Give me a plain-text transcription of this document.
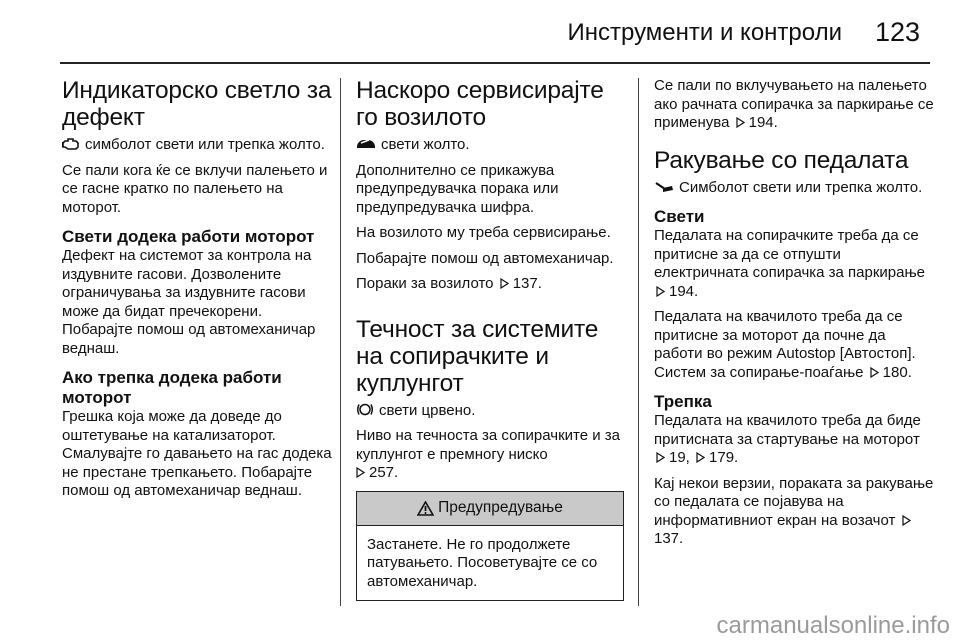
Инструменти и контроли 123
Индикаторско светло за дефект

симболот свети или трепка жолто.

Се пали кога ќе се вклучи палењето и се гасне кратко по палењето на моторот.

Свети додека работи моторот

Дефект на системот за контрола на издувните гасови. Дозволените ограничувања за издувните гасови може да бидат пречекорени. Побарајте помош од автомеханичар веднаш.

Ако трепка додека работи моторот

Грешка која може да доведе до оштетување на катализаторот. Смалувајте го давањето на гас додека не престане трепкањето. Побарајте помош од автомеханичар веднаш.

Наскоро сервисирајте го возилото

свети жолто.

Дополнително се прикажува предупредувачка порака или предупредувачка шифра.

На возилото му треба сервисирање.

Побарајте помош од автомеханичар.

Пораки за возилото 137.

Течност за системите на сопирачките и куплунгот

свети црвено.

Ниво на течноста за сопирачките и за куплунгот е премногу ниско

257.

Предупредување
Застанете. Не го продолжете патувањето. Посоветувајте се со автомеханичар.

Се пали по вклучувањето на палењето ако рачната сопирачка за паркирање се применува 194.

Ракување со педалата

Симболот свети или трепка жолто.

Свети

Педалата на сопирачките треба да се притисне за да се отпушти електричната сопирачка за паркирање
194.

Педалата на квачилото треба да се притисне за моторот да почне да работи во режим Autostop [Автостоп]. Систем за сопирање-поаѓање 180.

Трепка

Педалата на квачилото треба да биде притисната за стартување на моторот
19, 179.

Кај некои верзии, пораката за ракување со педалата се појавува на информативниот екран на возачот
137.

carmanualsonline.info
